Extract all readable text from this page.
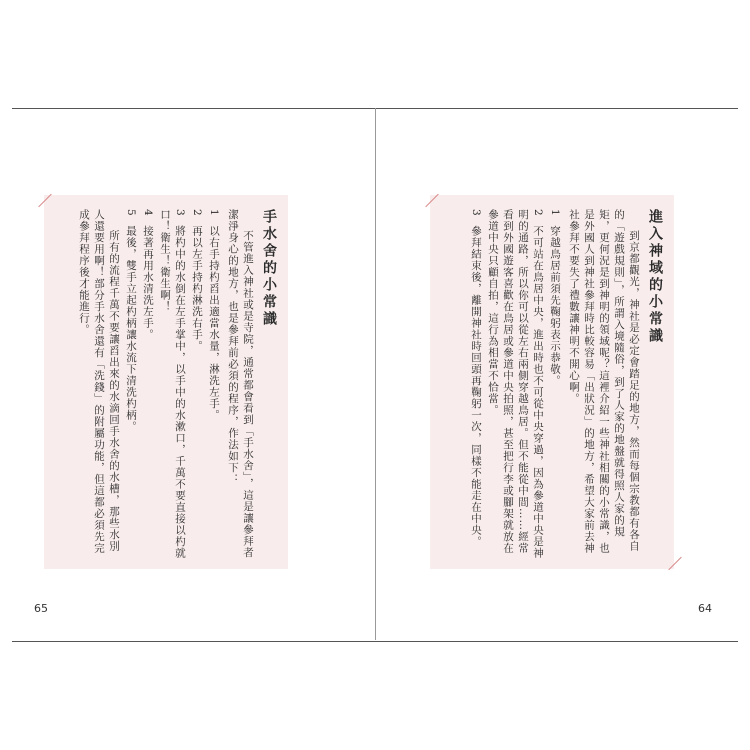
手水舍的小常識

不管進入神社或是寺院，通常都會看到「手水舍」，這是讓參拜者潔淨身心的地方，也是參拜前必須的程序，作法如下：

1 以右手持杓舀出適當水量，淋洗左手。
2 再以左手持杓淋洗右手。
3 將杓中的水倒在左手掌中，以手中的水漱口，千萬不要直接以杓就口！衛生！衛生啊！
4 接著再用水清洗左手。
5 最後，雙手立起杓柄讓水流下清洗杓柄。

所有的流程千萬不要讓舀出來的水滴回手水舍的水槽，那些水別人還要用啊！部分手水舍還有「洗錢」的附屬功能，但這都必須先完成參拜程序後才能進行。	進入神域的小常識

到京都觀光，神社是必定會踏足的地方，然而每個宗教都有各自的「遊戲規則」，所謂入境隨俗，到了人家的地盤就得照人家的規矩，更何況是到神明的領域呢？這裡介紹一些神社相關的小常識，也是外國人到神社參拜時比較容易「出狀況」的地方，希望大家前去神社參拜不要失了禮數讓神明不開心啊。

1 穿越鳥居前須先鞠躬表示恭敬。
2 不可站在鳥居中央，進出時也不可從中央穿過，因為參道中央是神明的通路，所以你可以從左右兩側穿越鳥居。但不能從中間……經常看到外國遊客喜歡在鳥居或參道中央拍照，甚至把行李或腳架就放在參道中央只顧自拍，這行為相當不恰當。
3 參拜結束後，離開神社時回頭再鞠躬一次，同樣不能走在中央。
65	64
